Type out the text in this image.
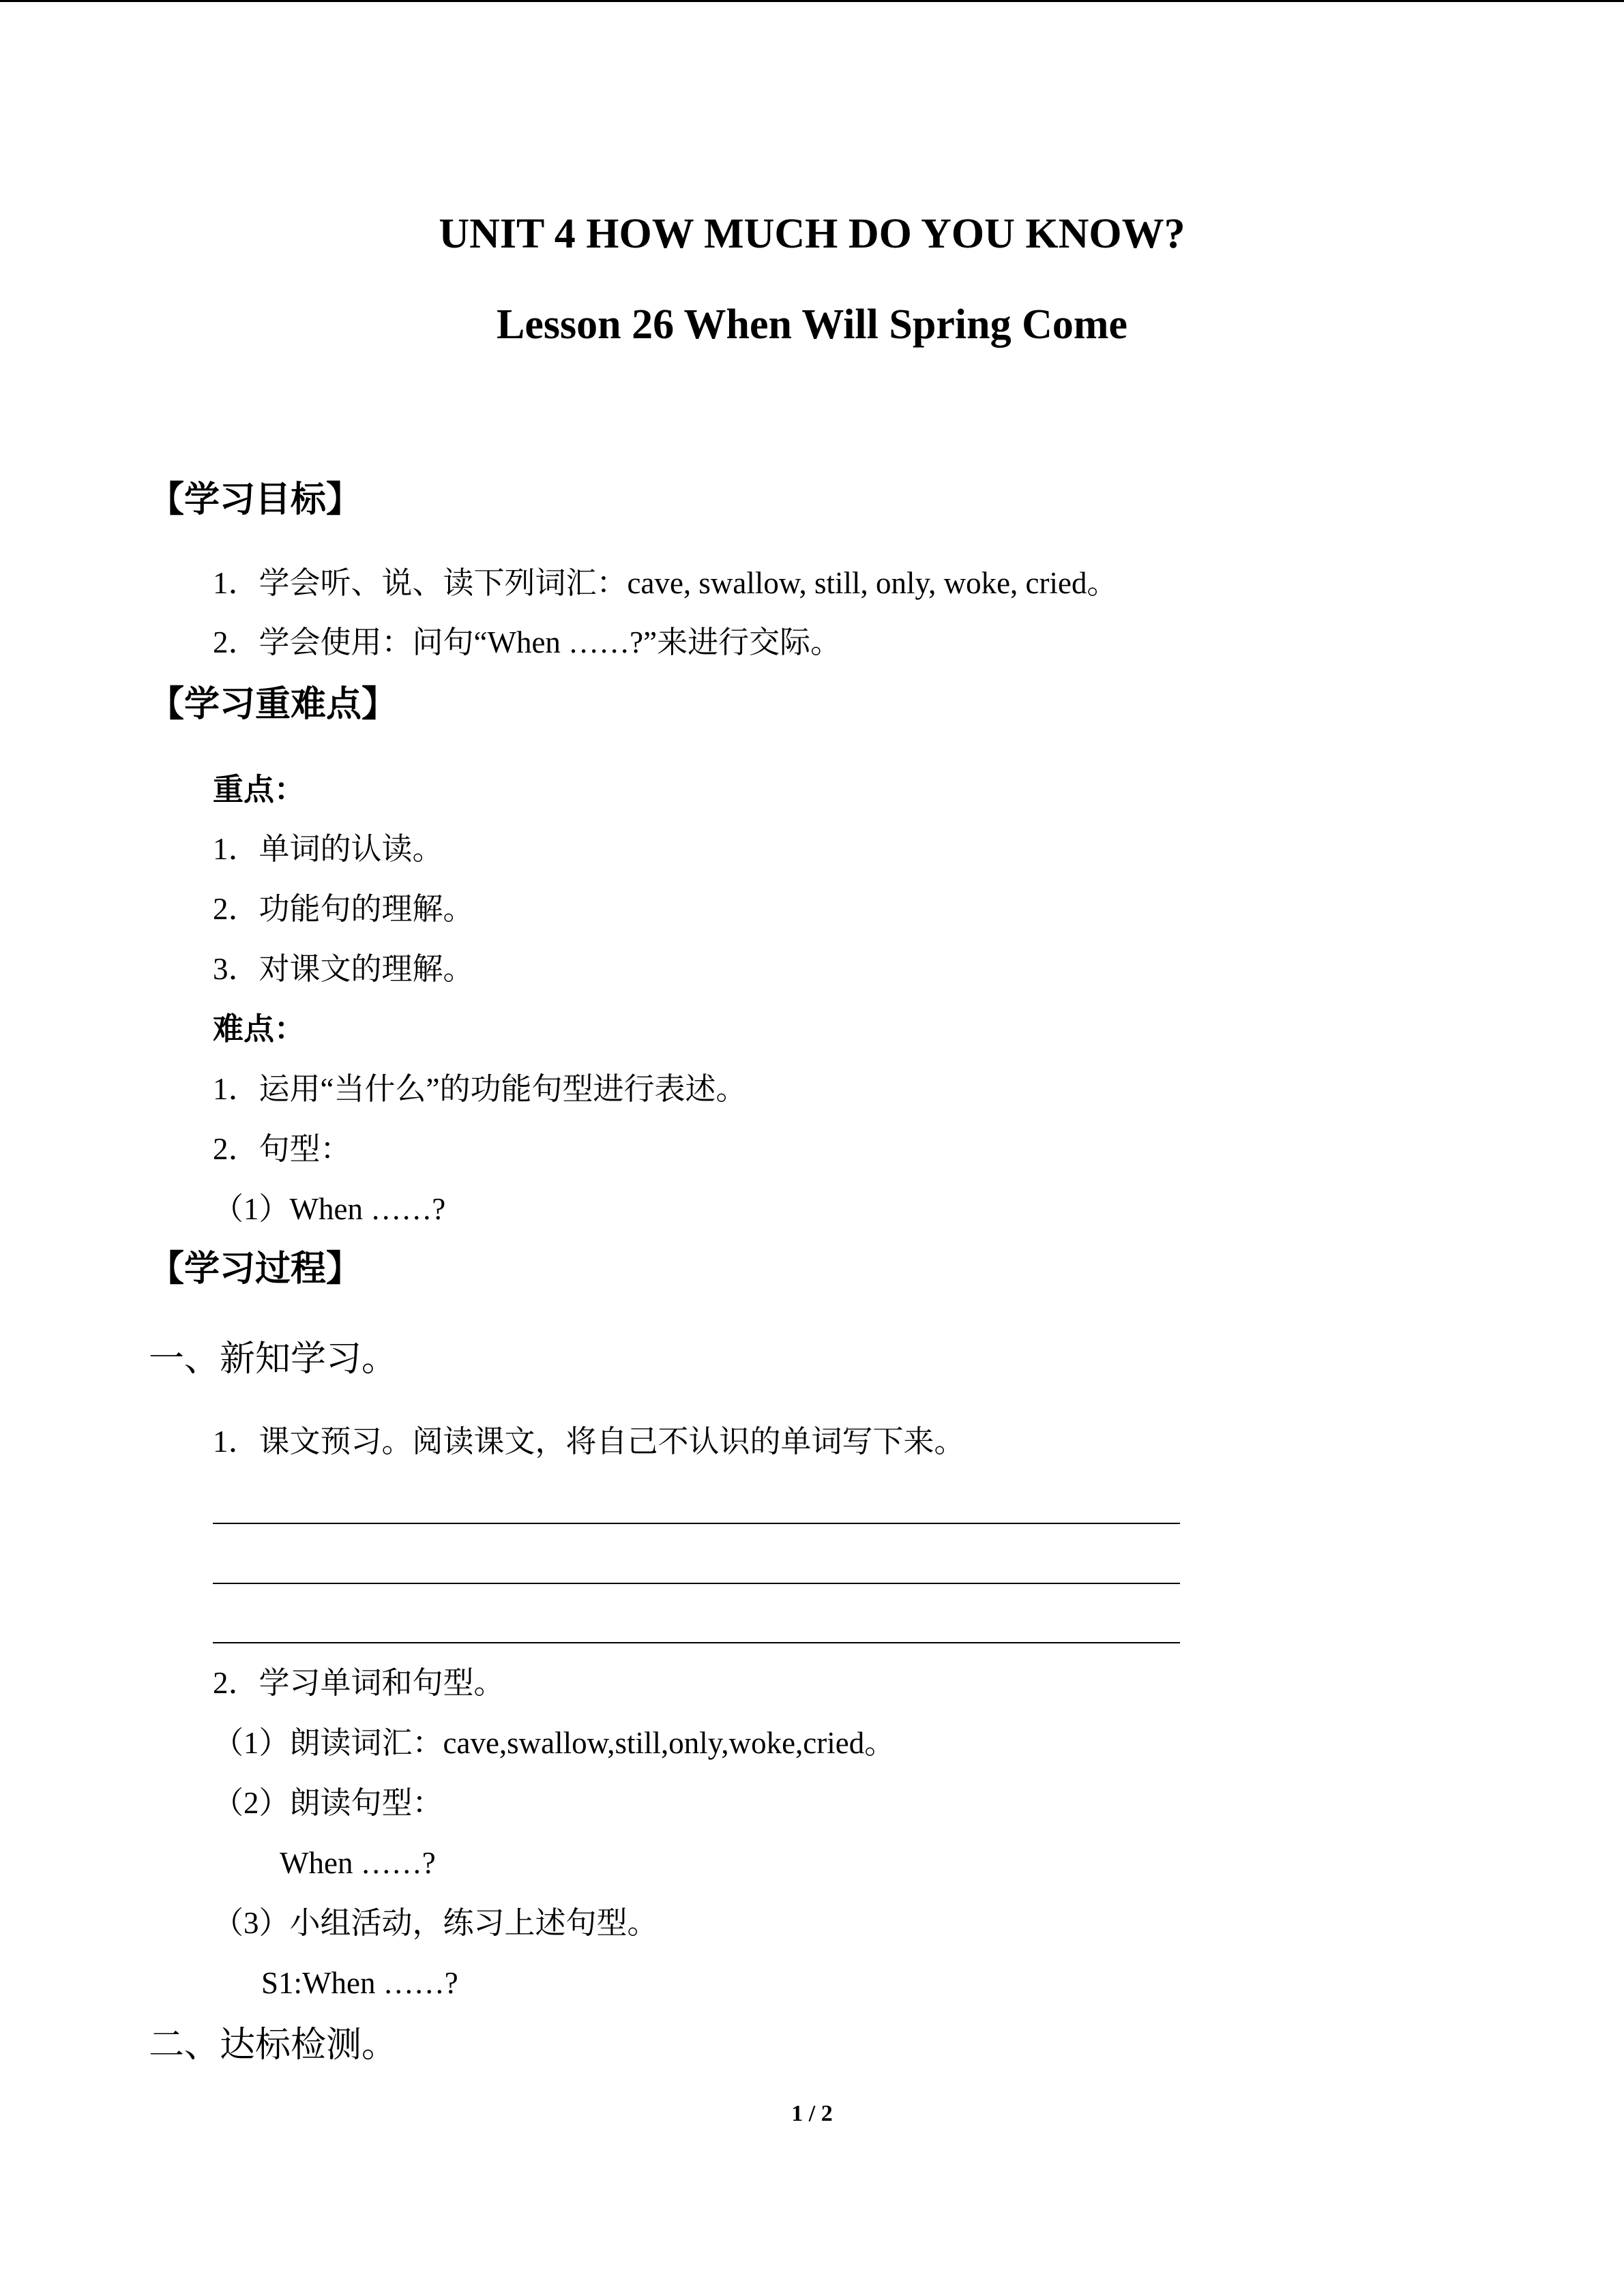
UNIT 4 HOW MUCH DO YOU KNOW?
Lesson 26 When Will Spring Come
【学习目标】
1．学会听、说、读下列词汇：cave, swallow, still, only, woke, cried。
2．学会使用：问句“When ……?”来进行交际。
【学习重难点】
重点：
1．单词的认读。
2．功能句的理解。
3．对课文的理解。
难点：
1．运用“当什么”的功能句型进行表述。
2．句型：
（1）When ……?
【学习过程】
一、新知学习。
1．课文预习。阅读课文，将自己不认识的单词写下来。
2．学习单词和句型。
（1）朗读词汇：cave,swallow,still,only,woke,cried。
（2）朗读句型：
When ……?
（3）小组活动，练习上述句型。
S1:When ……?
二、达标检测。
1 / 2
